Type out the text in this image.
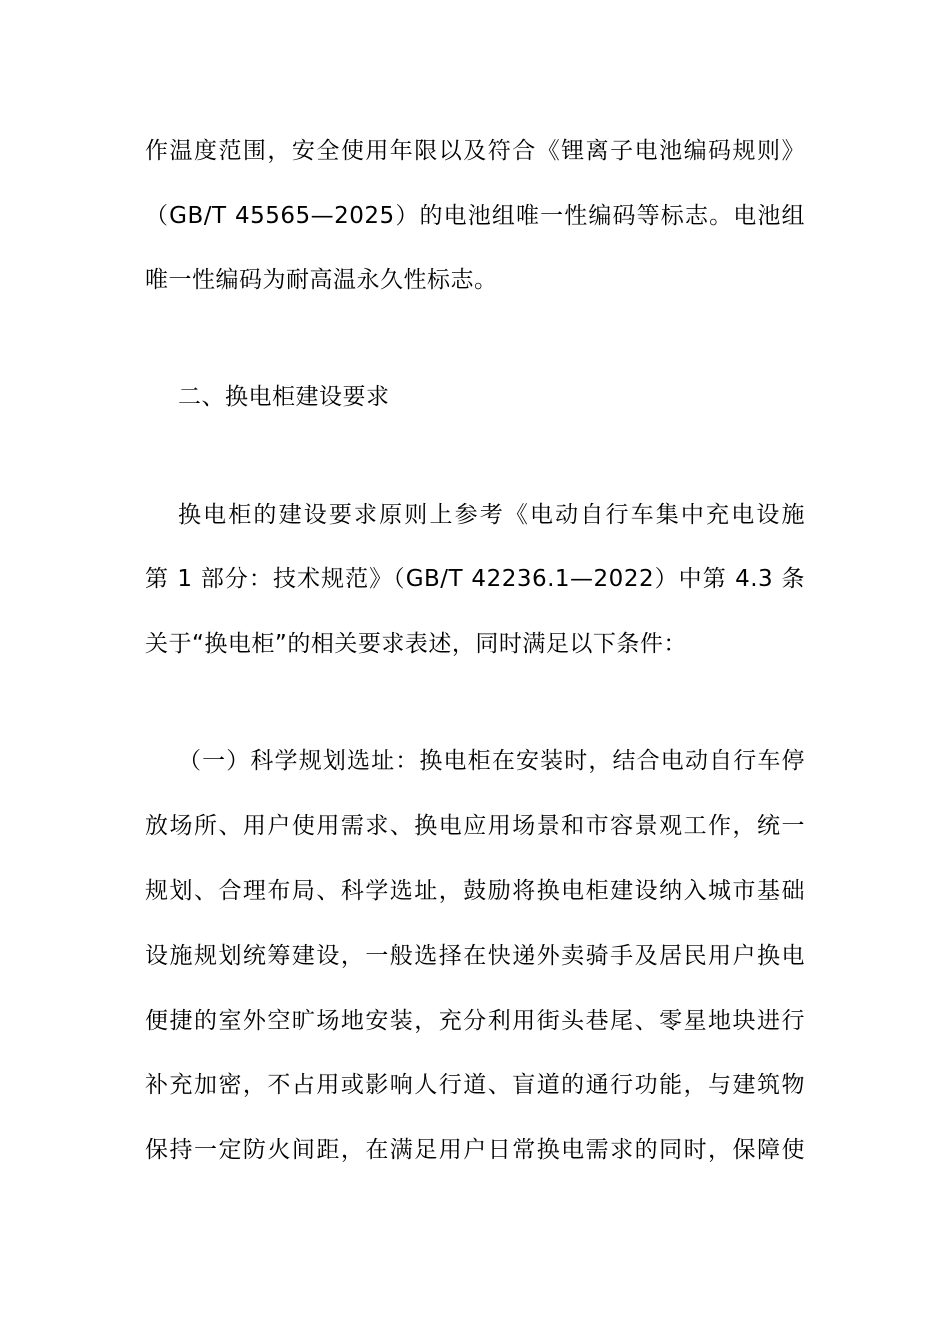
作温度范围，安全使用年限以及符合《锂离子电池编码规则》
（GB/T 45565—2025）的电池组唯一性编码等标志。电池组
唯一性编码为耐高温永久性标志。
二、换电柜建设要求
换电柜的建设要求原则上参考《电动自行车集中充电设施
第 1 部分：技术规范》（GB/T 42236.1—2022）中第 4.3 条
关于“换电柜”的相关要求表述，同时满足以下条件：
（一）科学规划选址：换电柜在安装时，结合电动自行车停
放场所、用户使用需求、换电应用场景和市容景观工作，统一
规划、合理布局、科学选址，鼓励将换电柜建设纳入城市基础
设施规划统筹建设，一般选择在快递外卖骑手及居民用户换电
便捷的室外空旷场地安装，充分利用街头巷尾、零星地块进行
补充加密，不占用或影响人行道、盲道的通行功能，与建筑物
保持一定防火间距，在满足用户日常换电需求的同时，保障使
